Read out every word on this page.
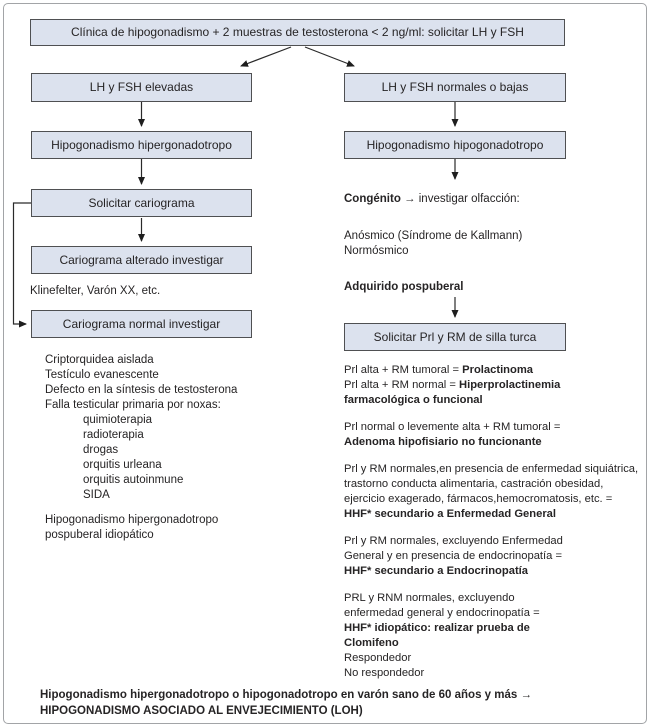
Clínica de hipogonadismo + 2 muestras de testosterona < 2 ng/ml: solicitar LH y FSH
LH y FSH elevadas	LH y FSH normales o bajas
Hipogonadismo hipergonadotropo	Hipogonadismo hipogonadotropo
Solicitar cariograma
Cariograma alterado investigar
Klinefelter, Varón XX, etc.
Cariograma normal investigar
Criptorquidea aislada
Testículo evanescente
Defecto en la síntesis de testosterona
Falla testicular primaria por noxas:
quimioterapia
radioterapia
drogas
orquitis urleana
orquitis autoinmune
SIDA
Hipogonadismo hipergonadotropo
pospuberal idiopático
Congénito → investigar olfacción:
Anósmico (Síndrome de Kallmann)
Normósmico
Adquirido pospuberal
Solicitar Prl y RM de silla turca
Prl alta + RM tumoral = Prolactinoma
Prl alta + RM normal = Hiperprolactinemia
farmacológica o funcional
Prl normal o levemente alta + RM tumoral =
Adenoma hipofisiario no funcionante
Prl y RM normales,en presencia de enfermedad siquiátrica,
trastorno conducta alimentaria, castración obesidad,
ejercicio exagerado, fármacos,hemocromatosis, etc. =
HHF* secundario a Enfermedad General
Prl y RM normales, excluyendo Enfermedad
General y en presencia de endocrinopatía =
HHF* secundario a Endocrinopatía
PRL y RNM normales, excluyendo
enfermedad general y endocrinopatía =
HHF* idiopático: realizar prueba de
Clomifeno
Respondedor
No respondedor
Hipogonadismo hipergonadotropo o hipogonadotropo en varón sano de 60 años y más → HIPOGONADISMO ASOCIADO AL ENVEJECIMIENTO (LOH)
